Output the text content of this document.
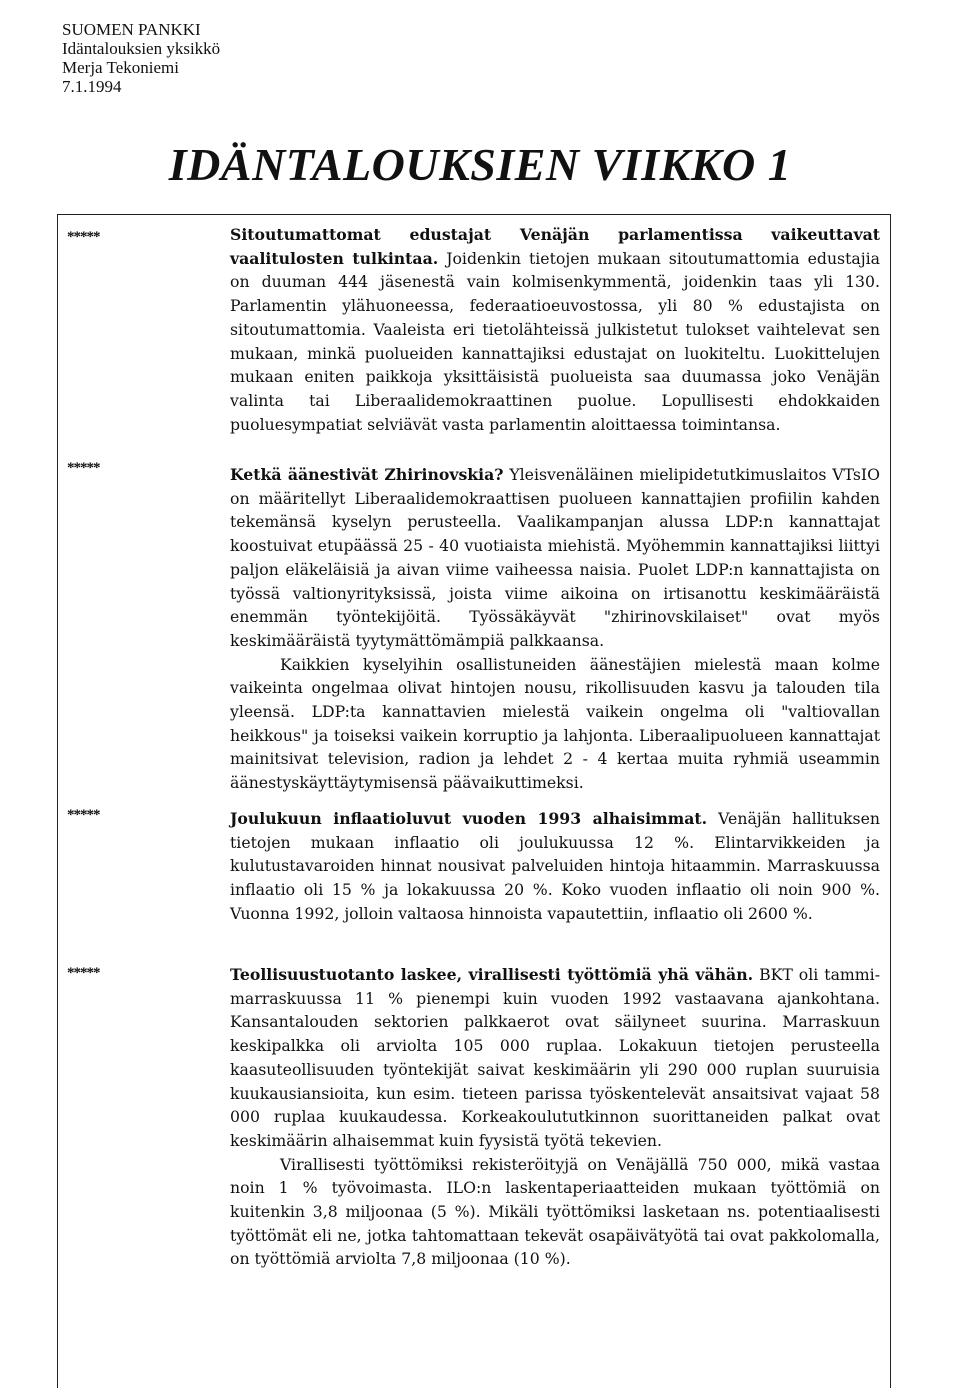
SUOMEN PANKKI
Idäntalouksien yksikkö
Merja Tekoniemi
7.1.1994
IDÄNTALOUKSIEN VIIKKO 1
*****	Sitoutumattomat edustajat Venäjän parlamentissa vaikeuttavat vaalitulosten tulkintaa. Joidenkin tietojen mukaan sitoutumattomia edustajia on duuman 444 jäsenestä vain kolmisenkymmentä, joidenkin taas yli 130. Parlamentin ylähuoneessa, federaatioeuvostossa, yli 80 % edustajista on sitoutumattomia. Vaaleista eri tietolähteissä julkistetut tulokset vaihtelevat sen mukaan, minkä puolueiden kannattajiksi edustajat on luokiteltu. Luokittelujen mukaan eniten paikkoja yksittäisistä puolueista saa duumassa joko Venäjän valinta tai Liberaalidemokraattinen puolue. Lopullisesti ehdokkaiden puoluesympatiat selviävät vasta parlamentin aloittaessa toimintansa.

*****	Ketkä äänestivät Zhirinovskia? Yleisvenäläinen mielipidetutkimuslaitos VTsIO on määritellyt Liberaalidemokraattisen puolueen kannattajien profiilin kahden tekemänsä kyselyn perusteella. Vaalikampanjan alussa LDP:n kannattajat koostuivat etupäässä 25 - 40 vuotiaista miehistä. Myöhemmin kannattajiksi liittyi paljon eläkeläisiä ja aivan viime vaiheessa naisia. Puolet LDP:n kannattajista on työssä valtionyrityksissä, joista viime aikoina on irtisanottu keskimääräistä enemmän työntekijöitä. Työssäkäyvät "zhirinovskilaiset" ovat myös keskimääräistä tyytymättömämpiä palkkaansa.

Kaikkien kyselyihin osallistuneiden äänestäjien mielestä maan kolme vaikeinta ongelmaa olivat hintojen nousu, rikollisuuden kasvu ja talouden tila yleensä. LDP:ta kannattavien mielestä vaikein ongelma oli "valtiovallan heikkous" ja toiseksi vaikein korruptio ja lahjonta. Liberaalipuolueen kannattajat mainitsivat television, radion ja lehdet 2 - 4 kertaa muita ryhmiä useammin äänestyskäyttäytymisensä päävaikuttimeksi.

*****	Joulukuun inflaatioluvut vuoden 1993 alhaisimmat. Venäjän hallituksen tietojen mukaan inflaatio oli joulukuussa 12 %. Elintarvikkeiden ja kulutustavaroiden hinnat nousivat palveluiden hintoja hitaammin. Marraskuussa inflaatio oli 15 % ja lokakuussa 20 %. Koko vuoden inflaatio oli noin 900 %. Vuonna 1992, jolloin valtaosa hinnoista vapautettiin, inflaatio oli 2600 %.

*****	Teollisuustuotanto laskee, virallisesti työttömiä yhä vähän. BKT oli tammi-marraskuussa 11 % pienempi kuin vuoden 1992 vastaavana ajankohtana. Kansantalouden sektorien palkkaerot ovat säilyneet suurina. Marraskuun keskipalkka oli arviolta 105 000 ruplaa. Lokakuun tietojen perusteella kaasuteollisuuden työntekijät saivat keskimäärin yli 290 000 ruplan suuruisia kuukausiansioita, kun esim. tieteen parissa työskentelevät ansaitsivat vajaat 58 000 ruplaa kuukaudessa. Korkeakoulututkinnon suorittaneiden palkat ovat keskimäärin alhaisemmat kuin fyysistä työtä tekevien.

Virallisesti työttömiksi rekisteröityjä on Venäjällä 750 000, mikä vastaa noin 1 % työvoimasta. ILO:n laskentaperiaatteiden mukaan työttömiä on kuitenkin 3,8 miljoonaa (5 %). Mikäli työttömiksi lasketaan ns. potentiaalisesti työttömät eli ne, jotka tahtomattaan tekevät osapäivätyötä tai ovat pakkolomalla, on työttömiä arviolta 7,8 miljoonaa (10 %).
